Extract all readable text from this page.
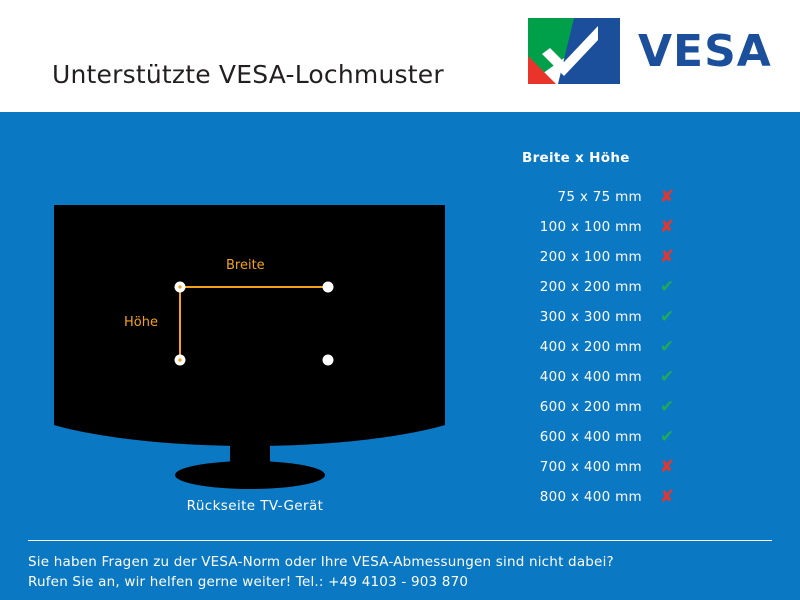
Unterstützte VESA-Lochmuster	VESA
Breite
Höhe
Rückseite TV-Gerät
Breite x Höhe
75 x 75 mm	✘
100 x 100 mm	✘
200 x 100 mm	✘
200 x 200 mm	✔
300 x 300 mm	✔
400 x 200 mm	✔
400 x 400 mm	✔
600 x 200 mm	✔
600 x 400 mm	✔
700 x 400 mm	✘
800 x 400 mm	✘
Sie haben Fragen zu der VESA-Norm oder Ihre VESA-Abmessungen sind nicht dabei?
Rufen Sie an, wir helfen gerne weiter! Tel.: +49 4103 - 903 870
